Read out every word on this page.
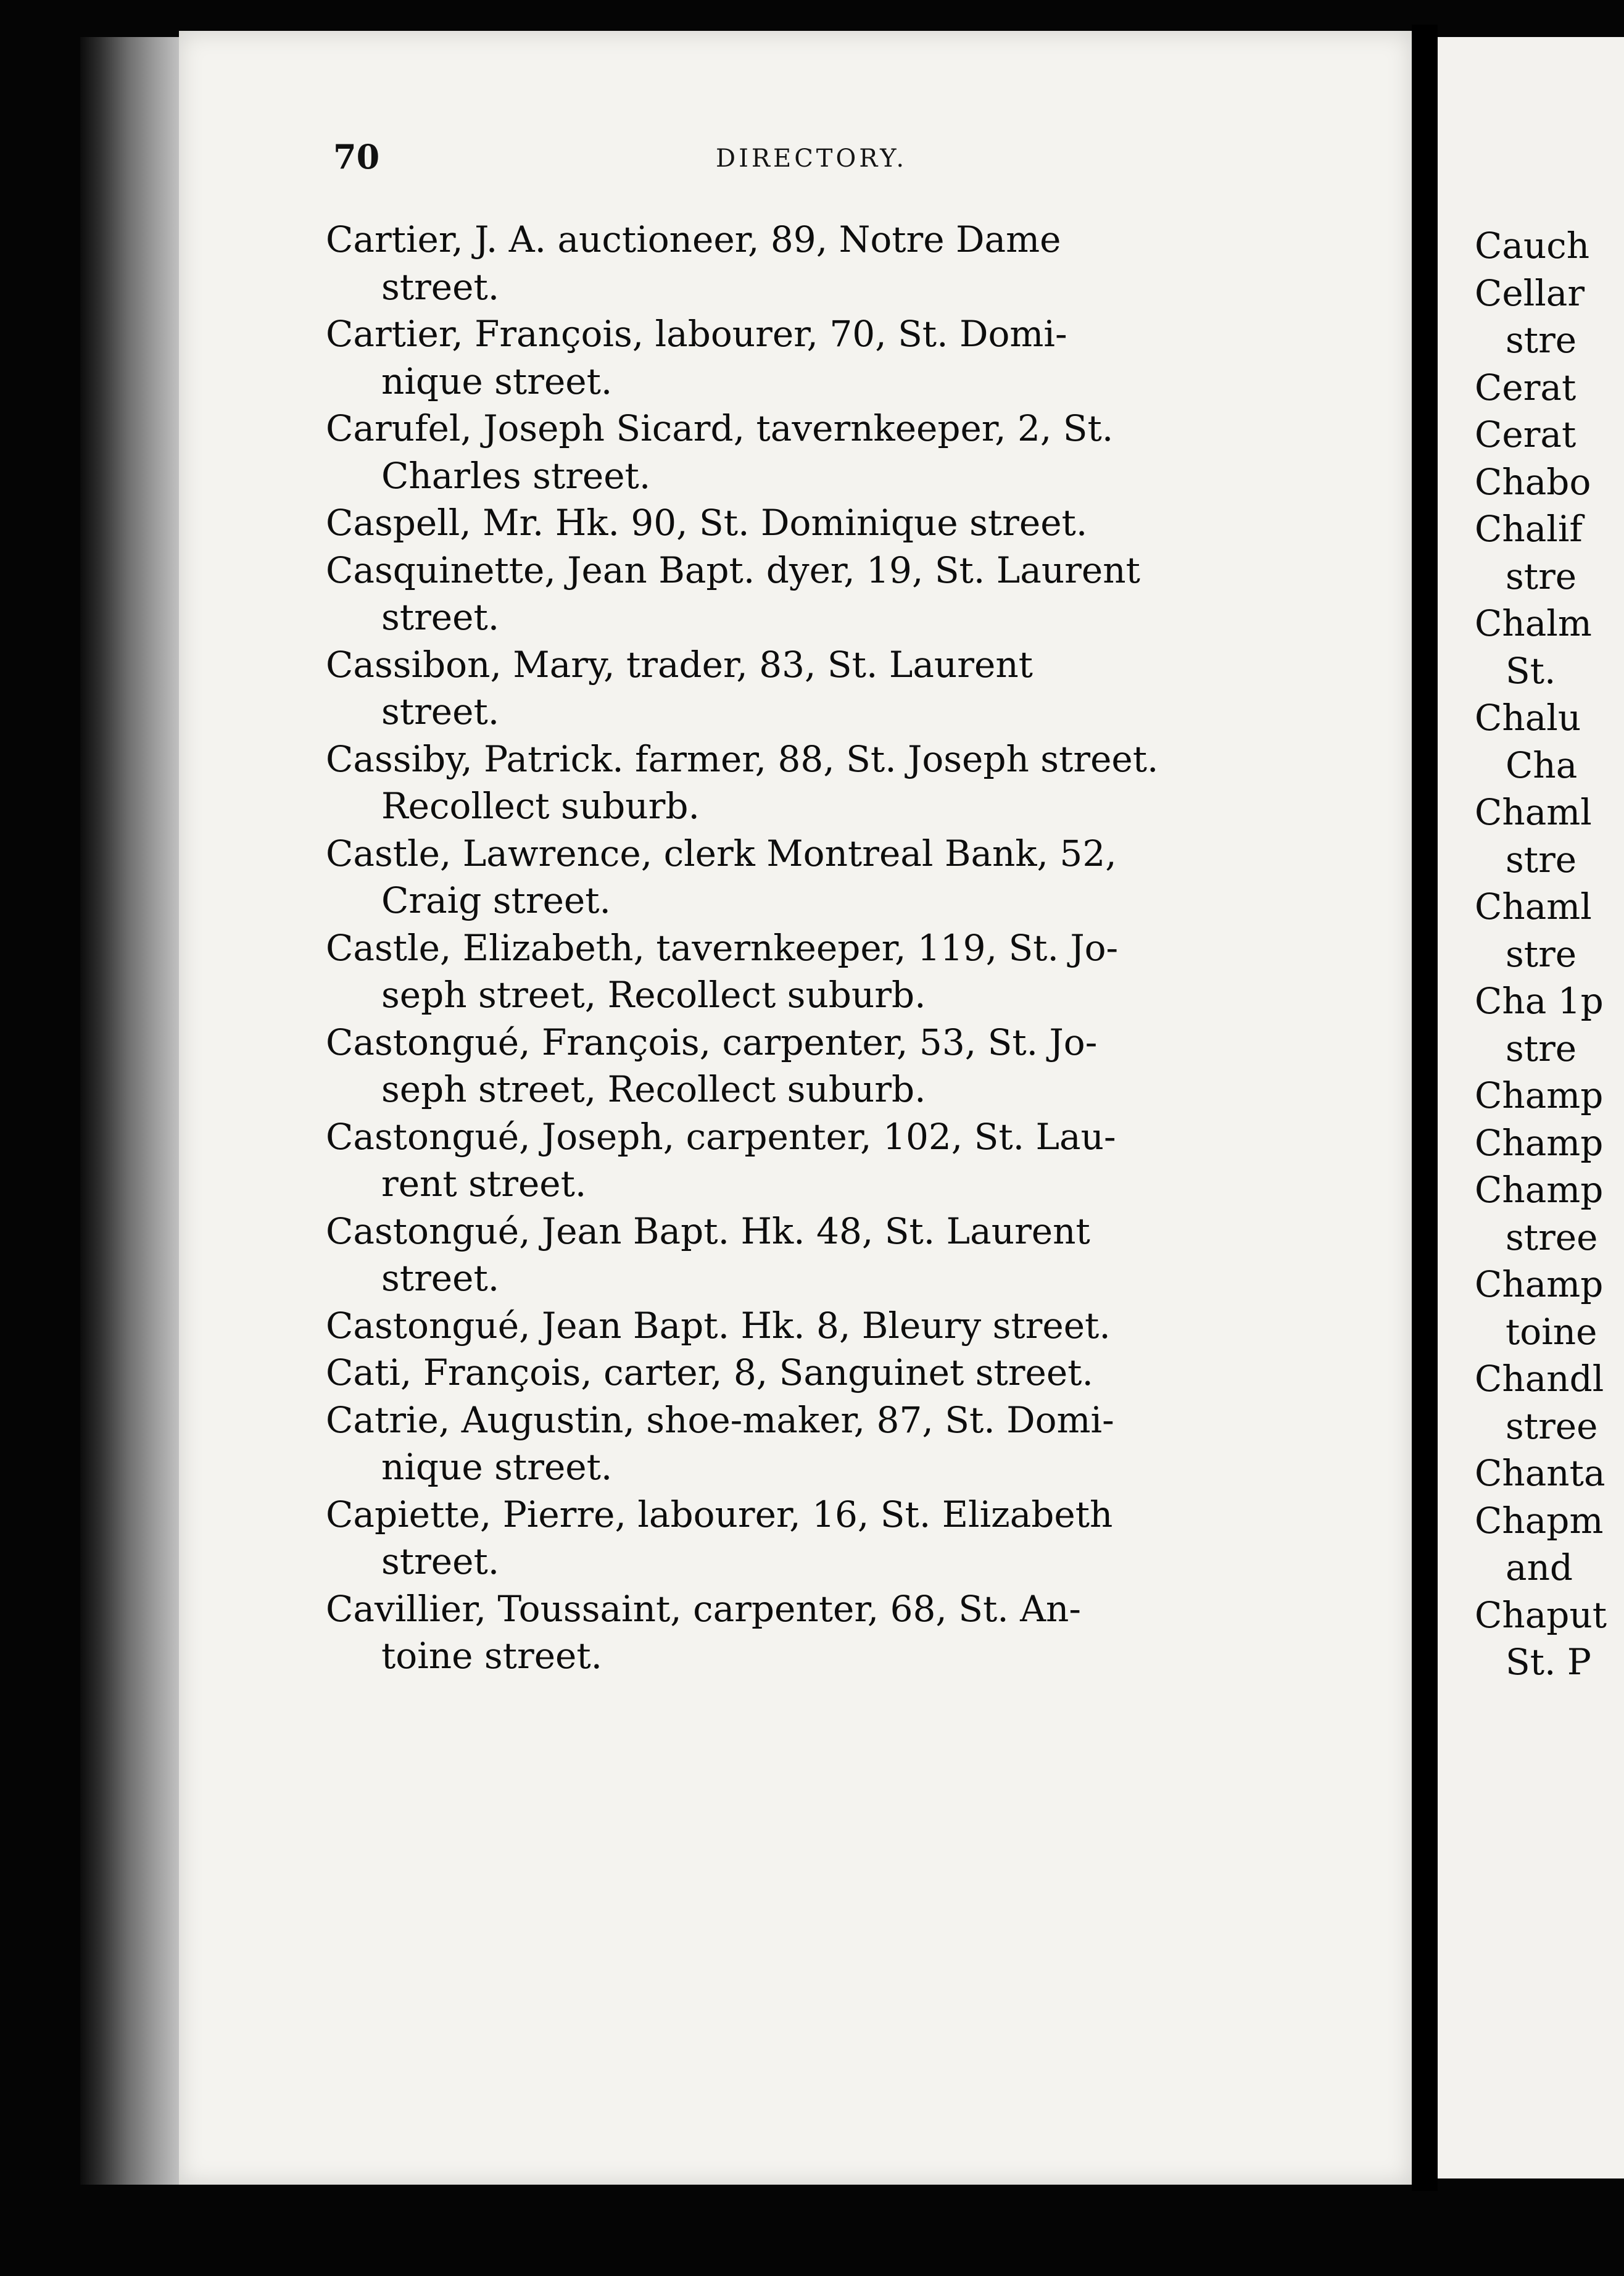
70	DIRECTORY.
Cartier, J. A. auctioneer, 89, Notre Dame
street.
Cartier, François, labourer, 70, St. Domi-
nique street.
Carufel, Joseph Sicard, tavernkeeper, 2, St.
Charles street.
Caspell, Mr. Hk. 90, St. Dominique street.
Casquinette, Jean Bapt. dyer, 19, St. Laurent
street.
Cassibon, Mary, trader, 83, St. Laurent
street.
Cassiby, Patrick. farmer, 88, St. Joseph street.
Recollect suburb.
Castle, Lawrence, clerk Montreal Bank, 52,
Craig street.
Castle, Elizabeth, tavernkeeper, 119, St. Jo-
seph street, Recollect suburb.
Castongué, François, carpenter, 53, St. Jo-
seph street, Recollect suburb.
Castongué, Joseph, carpenter, 102, St. Lau-
rent street.
Castongué, Jean Bapt. Hk. 48, St. Laurent
street.
Castongué, Jean Bapt. Hk. 8, Bleury street.
Cati, François, carter, 8, Sanguinet street.
Catrie, Augustin, shoe-maker, 87, St. Domi-
nique street.
Capiette, Pierre, labourer, 16, St. Elizabeth
street.
Cavillier, Toussaint, carpenter, 68, St. An-
toine street.
Cauch
Cellar
stre
Cerat
Cerat
Chabo
Chalif
stre
Chalm
St.
Chalu
Cha
Chaml
stre
Chaml
stre
Cha 1p
stre
Champ
Champ
Champ
stree
Champ
toine
Chandl
stree
Chanta
Chapm
and
Chaput
St. P
